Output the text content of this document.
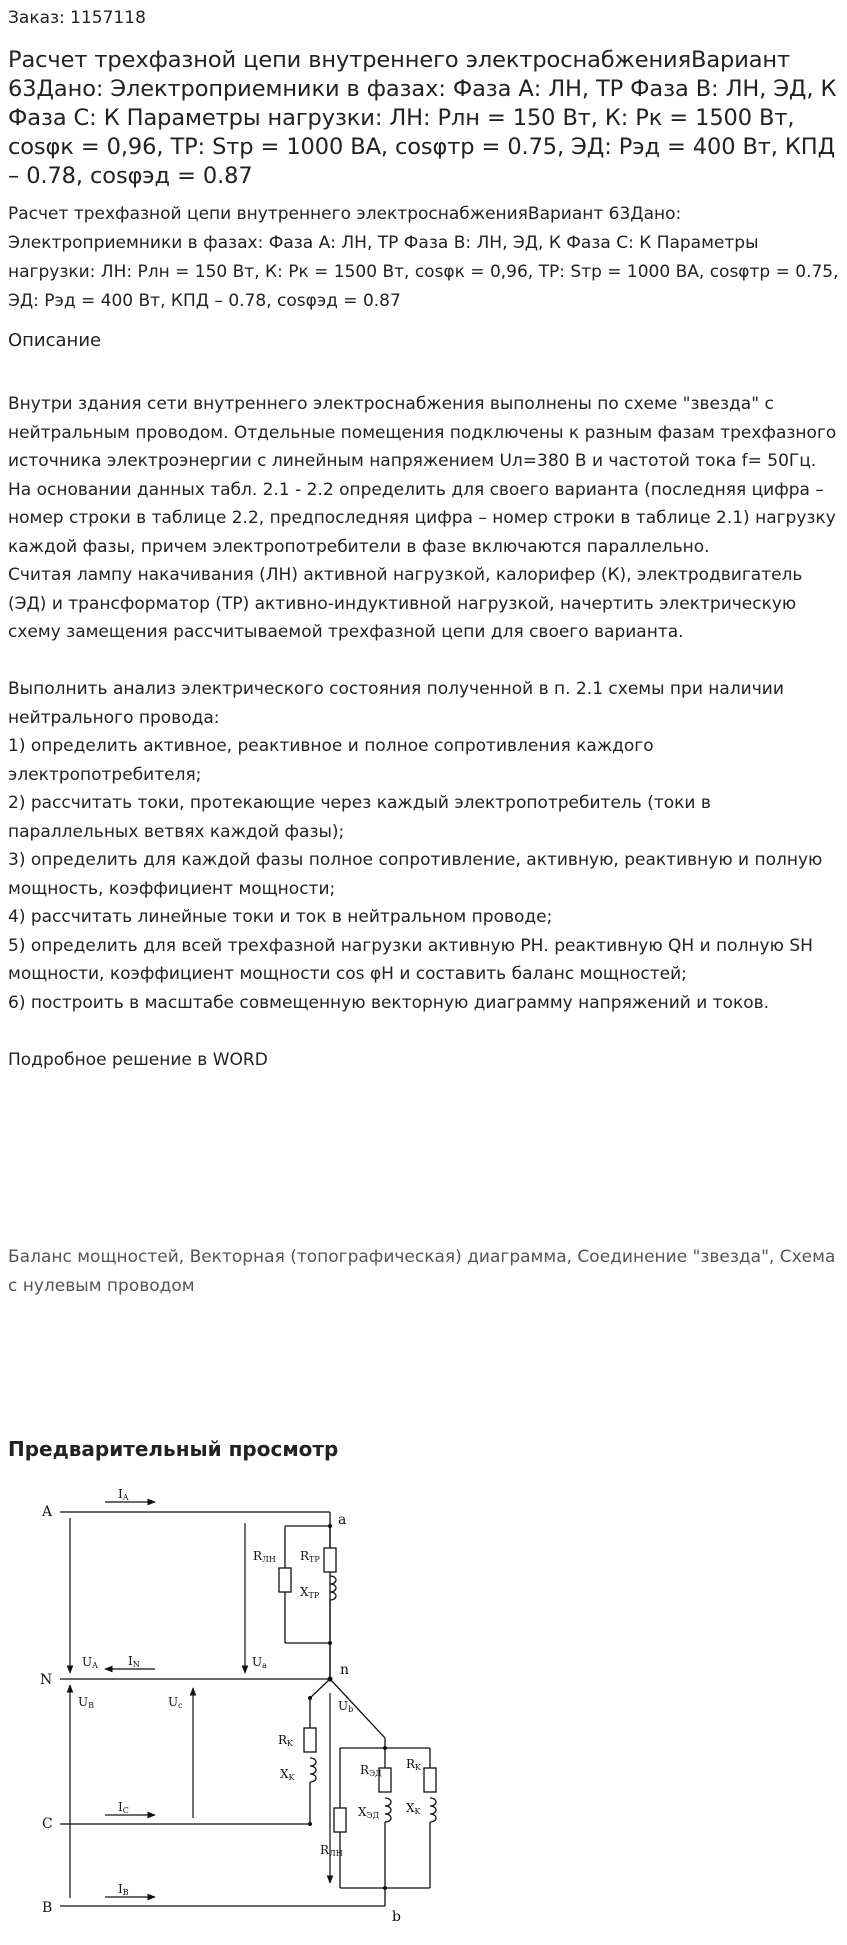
Заказ: 1157118
Расчет трехфазной цепи внутреннего электроснабженияВариант 63Дано: Электроприемники в фазах: Фаза А: ЛН, ТР Фаза В: ЛН, ЭД, К Фаза С: К Параметры нагрузки: ЛН: Pлн = 150 Вт, К: Рк = 1500 Вт, cosφк = 0,96, ТР: Sтр = 1000 ВА, cosφтр = 0.75, ЭД: Pэд = 400 Вт, КПД – 0.78, cosφэд = 0.87
Расчет трехфазной цепи внутреннего электроснабженияВариант 63Дано: Электроприемники в фазах: Фаза А: ЛН, ТР Фаза В: ЛН, ЭД, К Фаза С: К Параметры нагрузки: ЛН: Pлн = 150 Вт, К: Рк = 1500 Вт, cosφк = 0,96, ТР: Sтр = 1000 ВА, cosφтр = 0.75, ЭД: Pэд = 400 Вт, КПД – 0.78, cosφэд = 0.87
Описание
Внутри здания сети внутреннего электроснабжения выполнены по схеме "звезда" с нейтральным проводом. Отдельные помещения подключены к разным фазам трехфазного источника электроэнергии с линейным напряжением Uл=380 В и частотой тока f= 50Гц.
На основании данных табл. 2.1 - 2.2 определить для своего варианта (последняя цифра – номер строки в таблице 2.2, предпоследняя цифра – номер строки в таблице 2.1) нагрузку каждой фазы, причем электропотребители в фазе включаются параллельно.
Считая лампу накачивания (ЛН) активной нагрузкой, калорифер (К), электродвигатель (ЭД) и трансформатор (ТР) активно-индуктивной нагрузкой, начертить электрическую схему замещения рассчитываемой трехфазной цепи для своего варианта.

Выполнить анализ электрического состояния полученной в п. 2.1 схемы при наличии нейтрального провода:
1) определить активное, реактивное и полное сопротивления каждого электропотребителя;
2) рассчитать токи, протекающие через каждый электропотребитель (токи в параллельных ветвях каждой фазы);
3) определить для каждой фазы полное сопротивление, активную, реактивную и полную мощность, коэффициент мощности;
4) рассчитать линейные токи и ток в нейтральном проводе;
5) определить для всей трехфазной нагрузки активную PН. реактивную QН и полную SН мощности, коэффициент мощности cos φН и составить баланс мощностей;
6) построить в масштабе совмещенную векторную диаграмму напряжений и токов.

Подробное решение в WORD
Баланс мощностей, Векторная (топографическая) диаграмма, Соединение "звезда", Схема с нулевым проводом
Предварительный просмотр
A
N
C
B
a
n
b
IA
IN
IC
IB
UA	Ua
UB	Uc	Ub
RЛН RТР
XТР
RK
XK
RЛН
RЭД
XЭД
RK
XK
